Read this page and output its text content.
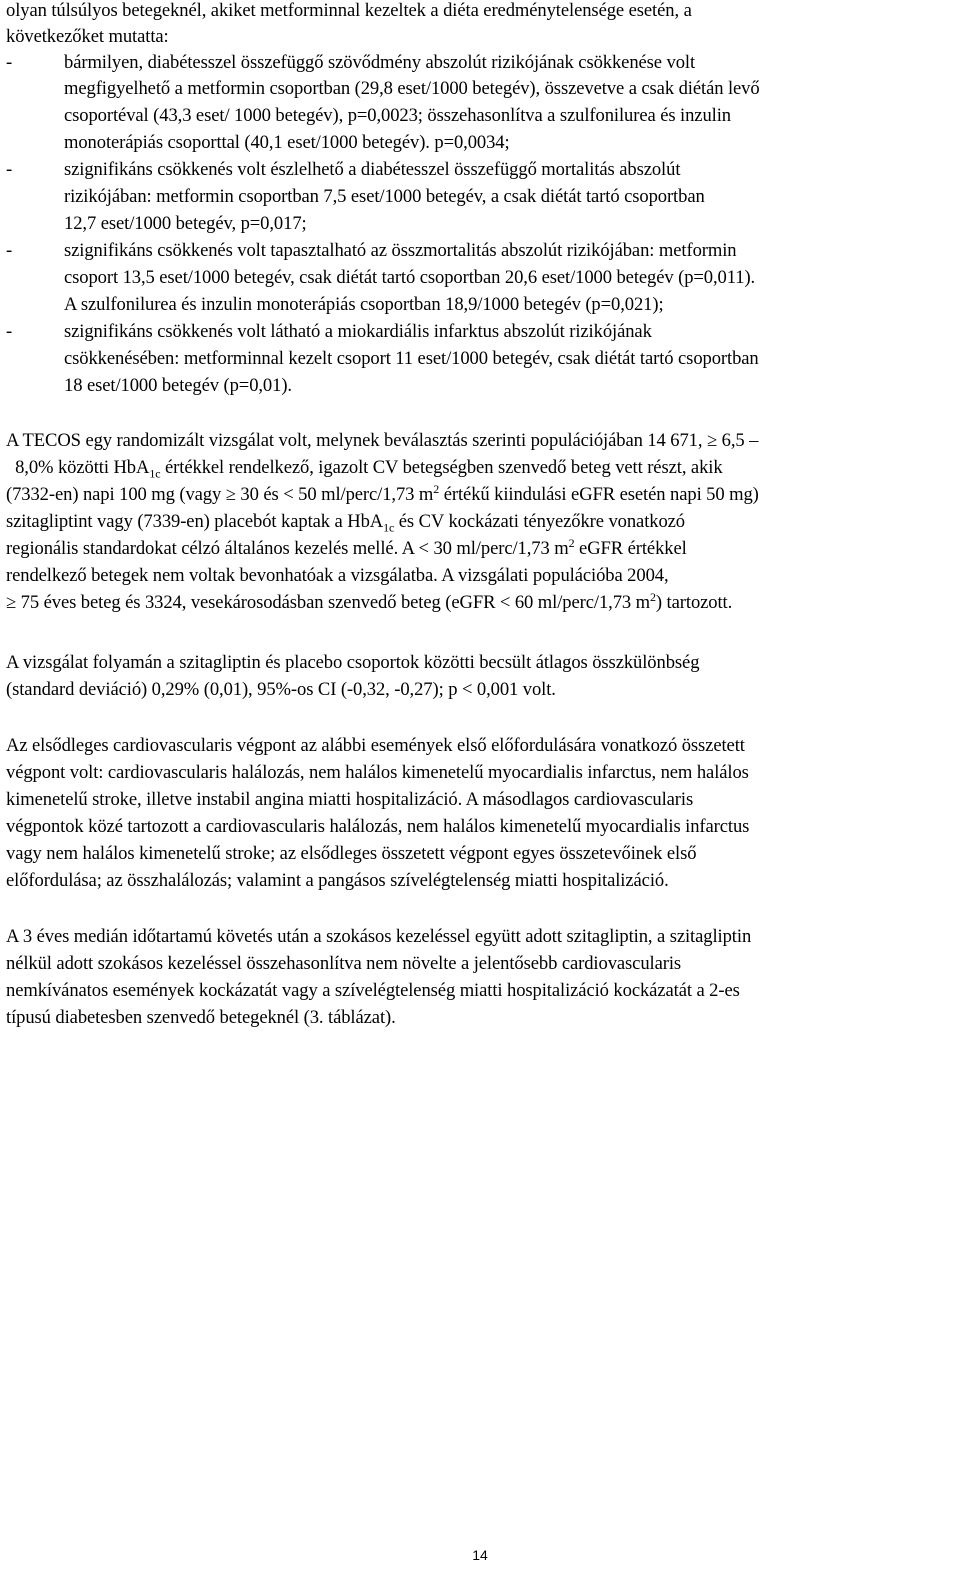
olyan túlsúlyos betegeknél, akiket metforminnal kezeltek a diéta eredménytelensége esetén, a
következőket mutatta:
-	bármilyen, diabétesszel összefüggő szövődmény abszolút rizikójának csökkenése volt
megfigyelhető a metformin csoportban (29,8 eset/1000 betegév), összevetve a csak diétán levő
csoportéval (43,3 eset/ 1000 betegév), p=0,0023; összehasonlítva a szulfonilurea és inzulin
monoterápiás csoporttal (40,1 eset/1000 betegév). p=0,0034;
-	szignifikáns csökkenés volt észlelhető a diabétesszel összefüggő mortalitás abszolút
rizikójában: metformin csoportban 7,5 eset/1000 betegév, a csak diétát tartó csoportban
12,7 eset/1000 betegév, p=0,017;
-	szignifikáns csökkenés volt tapasztalható az összmortalitás abszolút rizikójában: metformin
csoport 13,5 eset/1000 betegév, csak diétát tartó csoportban 20,6 eset/1000 betegév (p=0,011).
A szulfonilurea és inzulin monoterápiás csoportban 18,9/1000 betegév (p=0,021);
-	szignifikáns csökkenés volt látható a miokardiális infarktus abszolút rizikójának
csökkenésében: metforminnal kezelt csoport 11 eset/1000 betegév, csak diétát tartó csoportban
18 eset/1000 betegév (p=0,01).
A TECOS egy randomizált vizsgálat volt, melynek beválasztás szerinti populációjában 14 671, ≥ 6,5 –
8,0% közötti HbA$_{1c}$ értékkel rendelkező, igazolt CV betegségben szenvedő beteg vett részt, akik
(7332-en) napi 100 mg (vagy ≥ 30 és < 50 ml/perc/1,73 $m^2$ értékű kiindulási eGFR esetén napi 50 mg)
szitagliptint vagy (7339-en) placebót kaptak a HbA$_{1c}$ és CV kockázati tényezőkre vonatkozó
regionális standardokat célzó általános kezelés mellé. A < 30 ml/perc/1,73 $m^2$ eGFR értékkel
rendelkező betegek nem voltak bevonhatóak a vizsgálatba. A vizsgálati populációba 2004,
≥ 75 éves beteg és 3324, vesekárosodásban szenvedő beteg (eGFR < 60 ml/perc/1,73 $m^2$) tartozott.
A vizsgálat folyamán a szitagliptin és placebo csoportok közötti becsült átlagos összkülönbség
(standard deviáció) 0,29% (0,01), 95%-os CI (-0,32, -0,27); p < 0,001 volt.
Az elsődleges cardiovascularis végpont az alábbi események első előfordulására vonatkozó összetett
végpont volt: cardiovascularis halálozás, nem halálos kimenetelű myocardialis infarctus, nem halálos
kimenetelű stroke, illetve instabil angina miatti hospitalizáció. A másodlagos cardiovascularis
végpontok közé tartozott a cardiovascularis halálozás, nem halálos kimenetelű myocardialis infarctus
vagy nem halálos kimenetelű stroke; az elsődleges összetett végpont egyes összetevőinek első
előfordulása; az összhalálozás; valamint a pangásos szívelégtelenség miatti hospitalizáció.
A 3 éves medián időtartamú követés után a szokásos kezeléssel együtt adott szitagliptin, a szitagliptin
nélkül adott szokásos kezeléssel összehasonlítva nem növelte a jelentősebb cardiovascularis
nemkívánatos események kockázatát vagy a szívelégtelenség miatti hospitalizáció kockázatát a 2-es
típusú diabetesben szenvedő betegeknél (3. táblázat).
14
